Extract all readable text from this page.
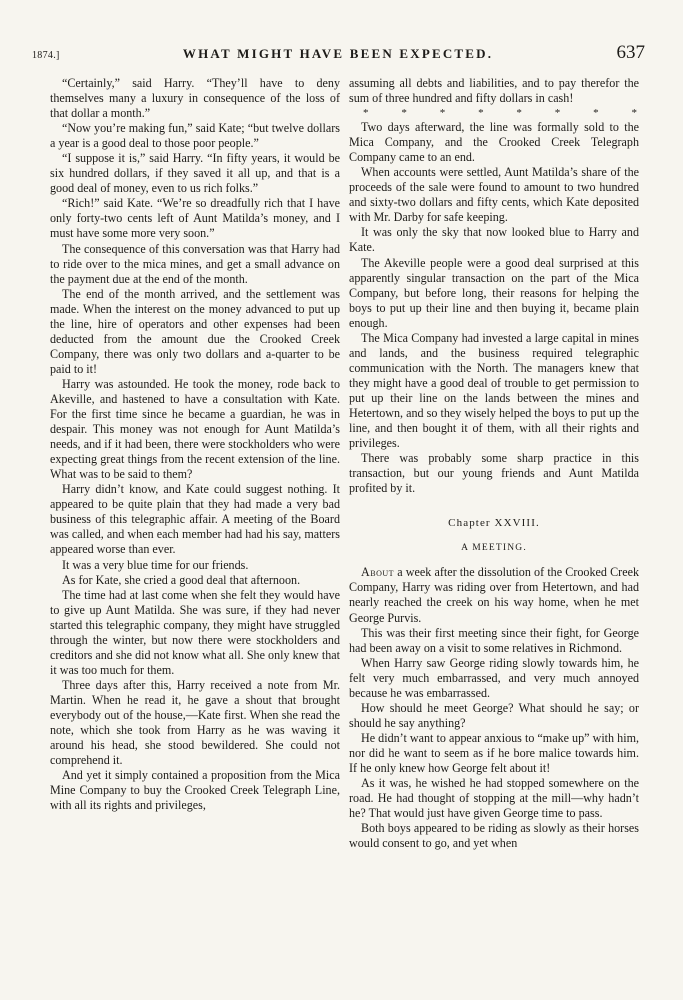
1874.]	WHAT MIGHT HAVE BEEN EXPECTED.	637

“Certainly,” said Harry. “They’ll have to deny themselves many a luxury in consequence of the loss of that dollar a month.”

“Now you’re making fun,” said Kate; “but twelve dollars a year is a good deal to those poor people.”

“I suppose it is,” said Harry. “In fifty years, it would be six hundred dollars, if they saved it all up, and that is a good deal of money, even to us rich folks.”

“Rich!” said Kate. “We’re so dreadfully rich that I have only forty-two cents left of Aunt Matilda’s money, and I must have some more very soon.”

The consequence of this conversation was that Harry had to ride over to the mica mines, and get a small advance on the payment due at the end of the month.

The end of the month arrived, and the settlement was made. When the interest on the money advanced to put up the line, hire of operators and other expenses had been deducted from the amount due the Crooked Creek Company, there was only two dollars and a-quarter to be paid to it!

Harry was astounded. He took the money, rode back to Akeville, and hastened to have a consultation with Kate. For the first time since he became a guardian, he was in despair. This money was not enough for Aunt Matilda’s needs, and if it had been, there were stockholders who were expecting great things from the recent extension of the line. What was to be said to them?

Harry didn’t know, and Kate could suggest nothing. It appeared to be quite plain that they had made a very bad business of this telegraphic affair. A meeting of the Board was called, and when each member had had his say, matters appeared worse than ever.

It was a very blue time for our friends.

As for Kate, she cried a good deal that afternoon.

The time had at last come when she felt they would have to give up Aunt Matilda. She was sure, if they had never started this telegraphic company, they might have struggled through the winter, but now there were stockholders and creditors and she did not know what all. She only knew that it was too much for them.

Three days after this, Harry received a note from Mr. Martin. When he read it, he gave a shout that brought everybody out of the house,—Kate first. When she read the note, which she took from Harry as he was waving it around his head, she stood bewildered. She could not comprehend it.

And yet it simply contained a proposition from the Mica Mine Company to buy the Crooked Creek Telegraph Line, with all its rights and privileges,

assuming all debts and liabilities, and to pay therefor the sum of three hundred and fifty dollars in cash!

* * * * * * * *

Two days afterward, the line was formally sold to the Mica Company, and the Crooked Creek Telegraph Company came to an end.

When accounts were settled, Aunt Matilda’s share of the proceeds of the sale were found to amount to two hundred and sixty-two dollars and fifty cents, which Kate deposited with Mr. Darby for safe keeping.

It was only the sky that now looked blue to Harry and Kate.

The Akeville people were a good deal surprised at this apparently singular transaction on the part of the Mica Company, but before long, their reasons for helping the boys to put up their line and then buying it, became plain enough.

The Mica Company had invested a large capital in mines and lands, and the business required telegraphic communication with the North. The managers knew that they might have a good deal of trouble to get permission to put up their line on the lands between the mines and Hetertown, and so they wisely helped the boys to put up the line, and then bought it of them, with all their rights and privileges.

There was probably some sharp practice in this transaction, but our young friends and Aunt Matilda profited by it.

Chapter XXVIII.
A MEETING.

About a week after the dissolution of the Crooked Creek Company, Harry was riding over from Hetertown, and had nearly reached the creek on his way home, when he met George Purvis.

This was their first meeting since their fight, for George had been away on a visit to some relatives in Richmond.

When Harry saw George riding slowly towards him, he felt very much embarrassed, and very much annoyed because he was embarrassed.

How should he meet George? What should he say; or should he say anything?

He didn’t want to appear anxious to “make up” with him, nor did he want to seem as if he bore malice towards him. If he only knew how George felt about it!

As it was, he wished he had stopped somewhere on the road. He had thought of stopping at the mill—why hadn’t he? That would just have given George time to pass.

Both boys appeared to be riding as slowly as their horses would consent to go, and yet when
